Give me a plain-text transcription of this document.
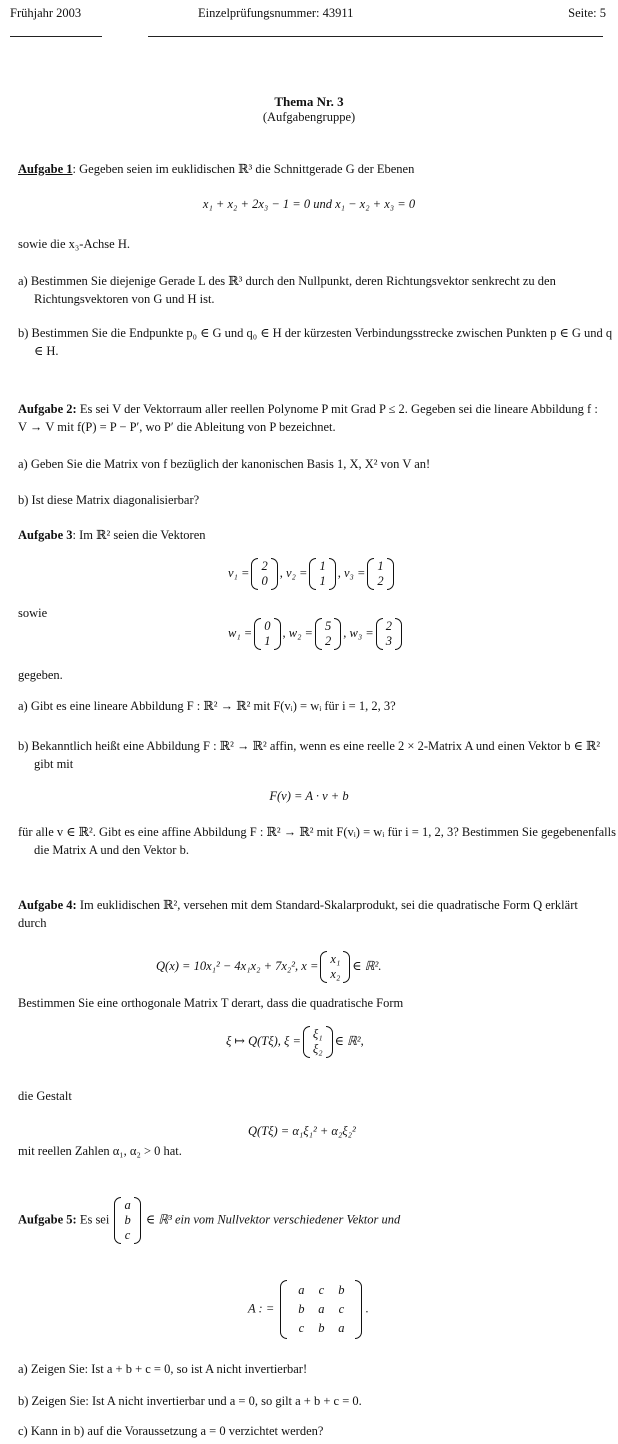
Frühjahr 2003	Einzelprüfungsnummer: 43911	Seite: 5
Thema Nr. 3
(Aufgabengruppe)
Aufgabe 1: Gegeben seien im euklidischen ℝ³ die Schnittgerade G der Ebenen
x₁ + x₂ + 2x₃ − 1 = 0 und x₁ − x₂ + x₃ = 0
sowie die x₃-Achse H.
a) Bestimmen Sie diejenige Gerade L des ℝ³ durch den Nullpunkt, deren Richtungsvektor senkrecht zu den Richtungsvektoren von G und H ist.
b) Bestimmen Sie die Endpunkte p₀ ∈ G und q₀ ∈ H der kürzesten Verbindungsstrecke zwischen Punkten p ∈ G und q ∈ H.
Aufgabe 2: Es sei V der Vektorraum aller reellen Polynome P mit Grad P ≤ 2. Gegeben sei die lineare Abbildung f : V → V mit f(P) = P − P′, wo P′ die Ableitung von P bezeichnet.
a) Geben Sie die Matrix von f bezüglich der kanonischen Basis 1, X, X² von V an!
b) Ist diese Matrix diagonalisierbar?
Aufgabe 3: Im ℝ² seien die Vektoren
v₁ = 2
0
, v₂ = 1
1
, v₃ = 1
2
sowie
w₁ = 0
1
, w₂ = 5
2
, w₃ = 2
3
gegeben.
a) Gibt es eine lineare Abbildung F : ℝ² → ℝ² mit F(vᵢ) = wᵢ für i = 1, 2, 3?
b) Bekanntlich heißt eine Abbildung F : ℝ² → ℝ² affin, wenn es eine reelle 2 × 2-Matrix A und einen Vektor b ∈ ℝ² gibt mit
F(v) = A · v + b
für alle v ∈ ℝ². Gibt es eine affine Abbildung F : ℝ² → ℝ² mit F(vᵢ) = wᵢ für i = 1, 2, 3? Bestimmen Sie gegebenenfalls die Matrix A und den Vektor b.
Aufgabe 4: Im euklidischen ℝ², versehen mit dem Standard-Skalarprodukt, sei die quadratische Form Q erklärt durch
Q(x) = 10x₁² − 4x₁x₂ + 7x₂², x = x₁
x₂
∈ ℝ².
Bestimmen Sie eine orthogonale Matrix T derart, dass die quadratische Form
ξ ↦ Q(Tξ), ξ = ξ₁
ξ₂
∈ ℝ²,
die Gestalt
Q(Tξ) = α₁ξ₁² + α₂ξ₂²
mit reellen Zahlen α₁, α₂ > 0 hat.
Aufgabe 5: Es sei
a
b
c
∈ ℝ³ ein vom Nullvektor verschiedener Vektor und
A : =
a	c	b
b	a	c
c	b	a
.
a) Zeigen Sie: Ist a + b + c = 0, so ist A nicht invertierbar!
b) Zeigen Sie: Ist A nicht invertierbar und a = 0, so gilt a + b + c = 0.
c) Kann in b) auf die Voraussetzung a = 0 verzichtet werden?
